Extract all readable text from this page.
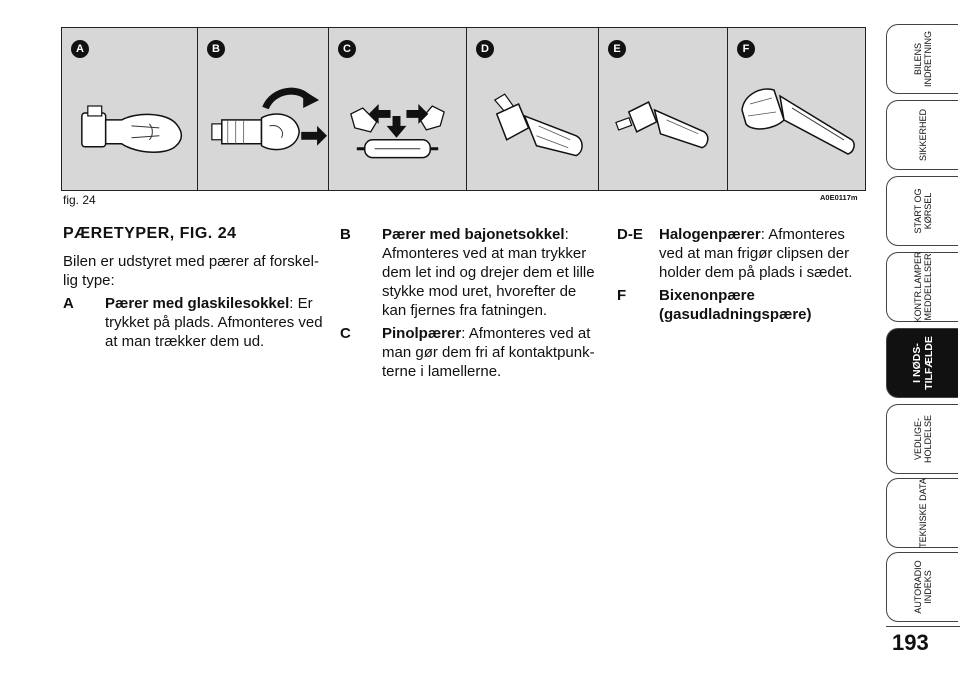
A	B	C	D	E	F
fig. 24	A0E0117m
PÆRETYPER, FIG. 24
Bilen er udstyret med pærer af forskellig type:
A	Pærer med glaskilesokkel: Er trykket på plads. Afmonteres ved at man trækker dem ud.
B	Pærer med bajonetsokkel: Afmonteres ved at man trykker dem let ind og drejer dem et lille stykke mod uret, hvorefter de kan fjernes fra fatningen.
C	Pinolpærer: Afmonteres ved at man gør dem fri af kontaktpunkterne i lamellerne.
D-E	Halogenpærer: Afmonteres ved at man frigør clipsen der holder dem på plads i sædet.
F	Bixenonpære (gasudladningspære)
BILENS
INDRETNING
SIKKERHED
START OG
KØRSEL
KONTR.LAMPER
MEDDELELSER
I NØDS-
TILFÆLDE
VEDLIGE-
HOLDELSE
TEKNISKE DATA
AUTORADIO
INDEKS
193
